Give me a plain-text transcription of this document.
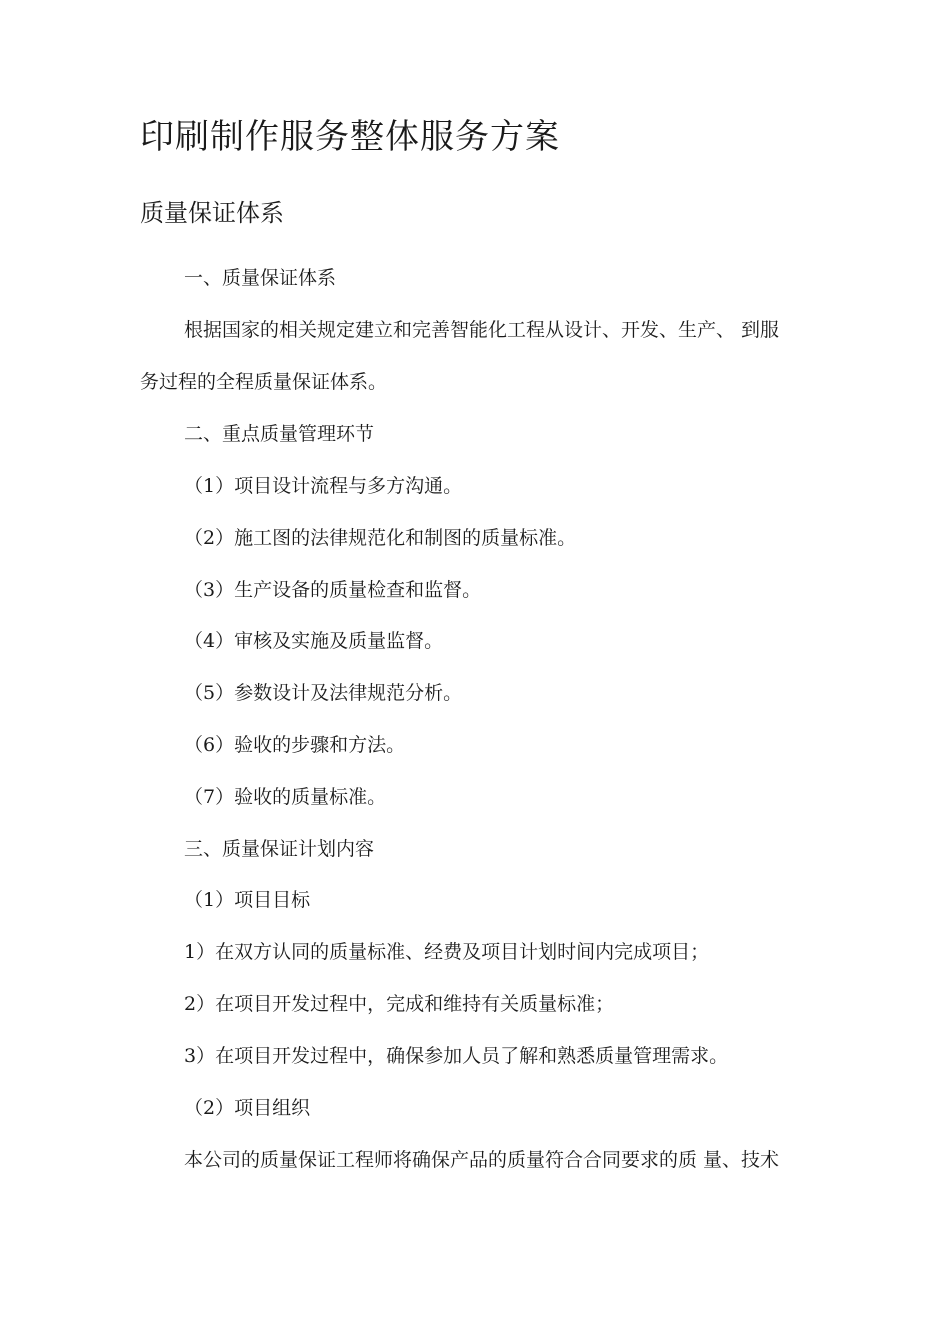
印刷制作服务整体服务方案
质量保证体系

一、质量保证体系

根据国家的相关规定建立和完善智能化工程从设计、开发、生产、 到服

务过程的全程质量保证体系。

二、重点质量管理环节

（1）项目设计流程与多方沟通。

（2）施工图的法律规范化和制图的质量标准。

（3）生产设备的质量检查和监督。

（4）审核及实施及质量监督。

（5）参数设计及法律规范分析。

（6）验收的步骤和方法。

（7）验收的质量标准。

三、质量保证计划内容

（1）项目目标

1）在双方认同的质量标准、经费及项目计划时间内完成项目；

2）在项目开发过程中，完成和维持有关质量标准；

3）在项目开发过程中，确保参加人员了解和熟悉质量管理需求。

（2）项目组织

本公司的质量保证工程师将确保产品的质量符合合同要求的质 量、技术
